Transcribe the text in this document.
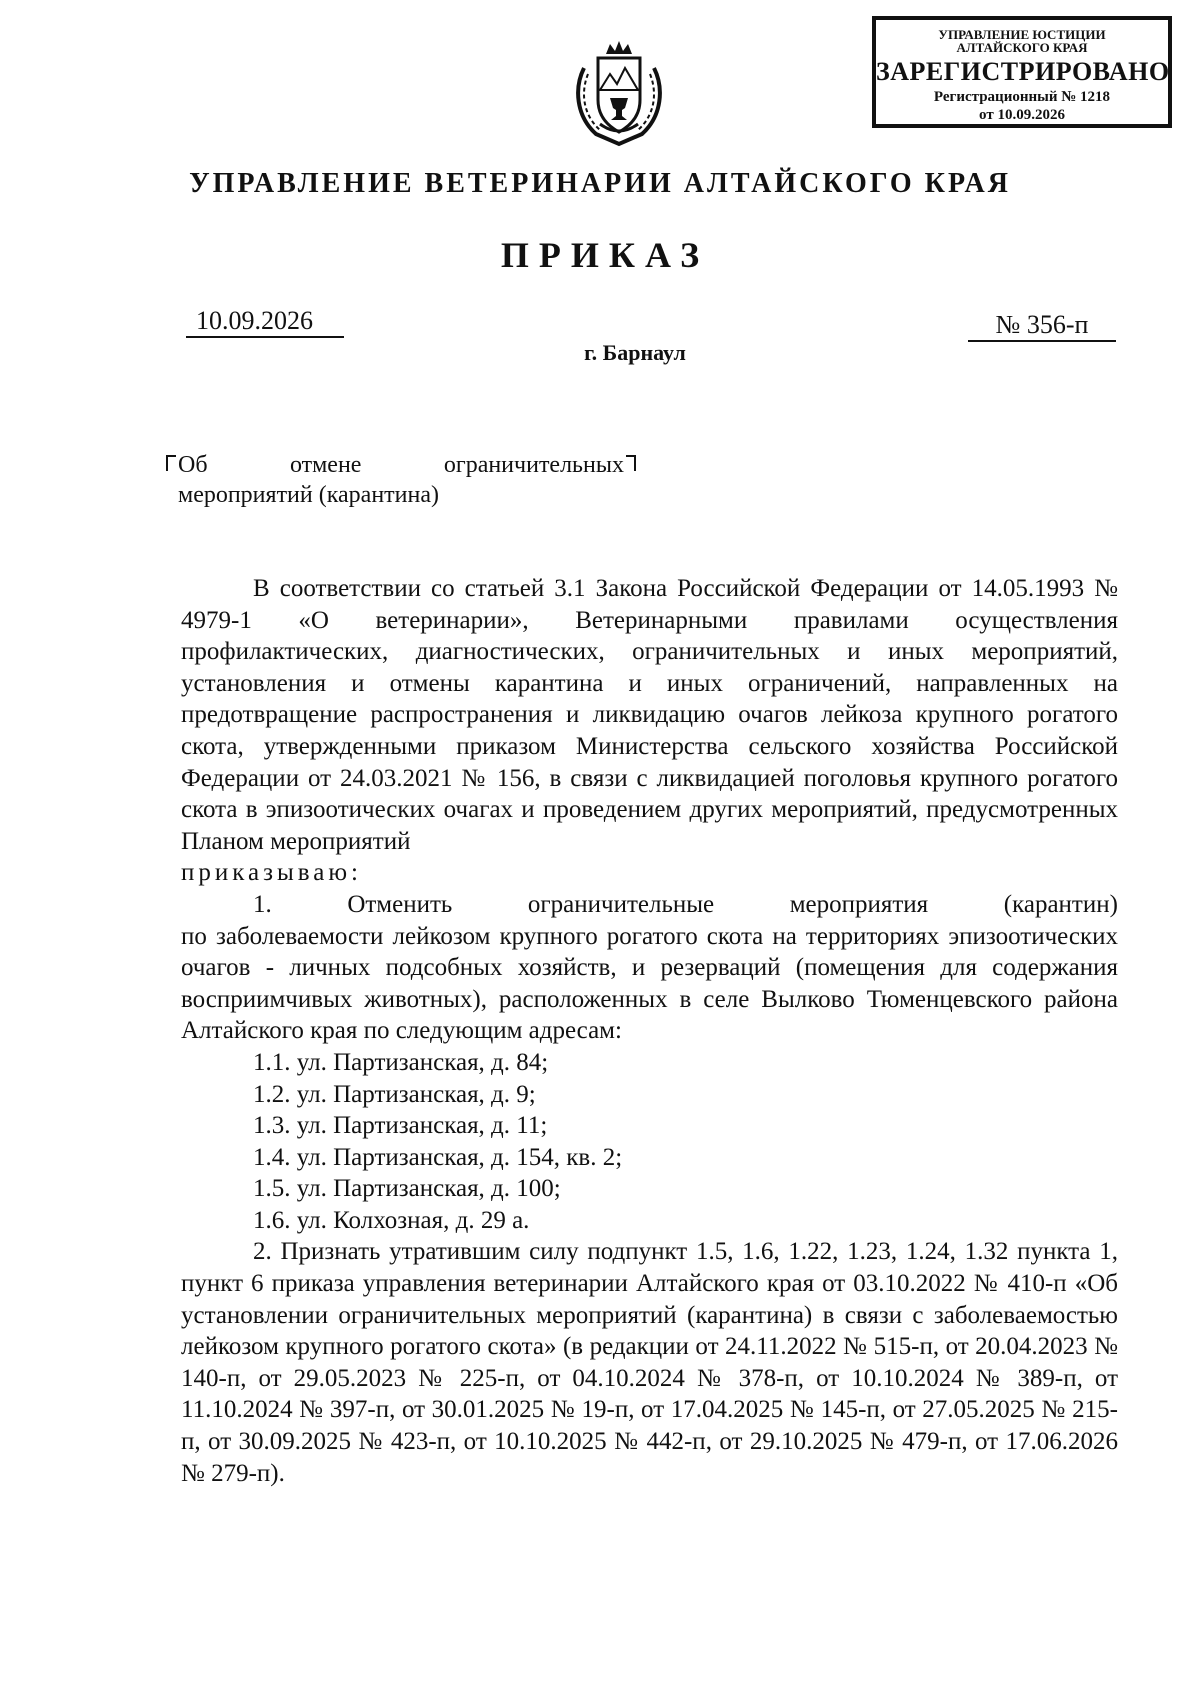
УПРАВЛЕНИЕ ЮСТИЦИИ
АЛТАЙСКОГО КРАЯ
ЗАРЕГИСТРИРОВАНО
Регистрационный № 1218
от 10.09.2026
УПРАВЛЕНИЕ ВЕТЕРИНАРИИ АЛТАЙСКОГО КРАЯ
ПРИКАЗ
10.09.2026	№ 356-п
г. Барнаул
Об	отмене	ограничительных
мероприятий (карантина)

В соответствии со статьей 3.1 Закона Российской Федерации от 14.05.1993 № 4979-1 «О ветеринарии», Ветеринарными правилами осуществления профилактических, диагностических, ограничительных и иных мероприятий, установления и отмены карантина и иных ограничений, направленных на предотвращение распространения и ликвидацию очагов лейкоза крупного рогатого скота, утвержденными приказом Министерства сельского хозяйства Российской Федерации от 24.03.2021 № 156, в связи с ликвидацией поголовья крупного рогатого скота в эпизоотических очагах и проведением других мероприятий, предусмотренных Планом мероприятий

приказываю:

1.	Отменить	ограничительные	мероприятия	(карантин)

по заболеваемости лейкозом крупного рогатого скота на территориях эпизоотических очагов - личных подсобных хозяйств, и резерваций (помещения для содержания восприимчивых животных), расположенных в селе Вылково Тюменцевского района Алтайского края по следующим адресам:

1.1. ул. Партизанская, д. 84;

1.2. ул. Партизанская, д. 9;

1.3. ул. Партизанская, д. 11;

1.4. ул. Партизанская, д. 154, кв. 2;

1.5. ул. Партизанская, д. 100;

1.6. ул. Колхозная, д. 29 а.

2. Признать утратившим силу подпункт 1.5, 1.6, 1.22, 1.23, 1.24, 1.32 пункта 1, пункт 6 приказа управления ветеринарии Алтайского края от 03.10.2022 № 410-п «Об установлении ограничительных мероприятий (карантина) в связи с заболеваемостью лейкозом крупного рогатого скота» (в редакции от 24.11.2022 № 515-п, от 20.04.2023 № 140-п, от 29.05.2023 № 225-п, от 04.10.2024 № 378-п, от 10.10.2024 № 389-п, от 11.10.2024 № 397-п, от 30.01.2025 № 19-п, от 17.04.2025 № 145-п, от 27.05.2025 № 215-п, от 30.09.2025 № 423-п, от 10.10.2025 № 442-п, от 29.10.2025 № 479-п, от 17.06.2026 № 279-п).
